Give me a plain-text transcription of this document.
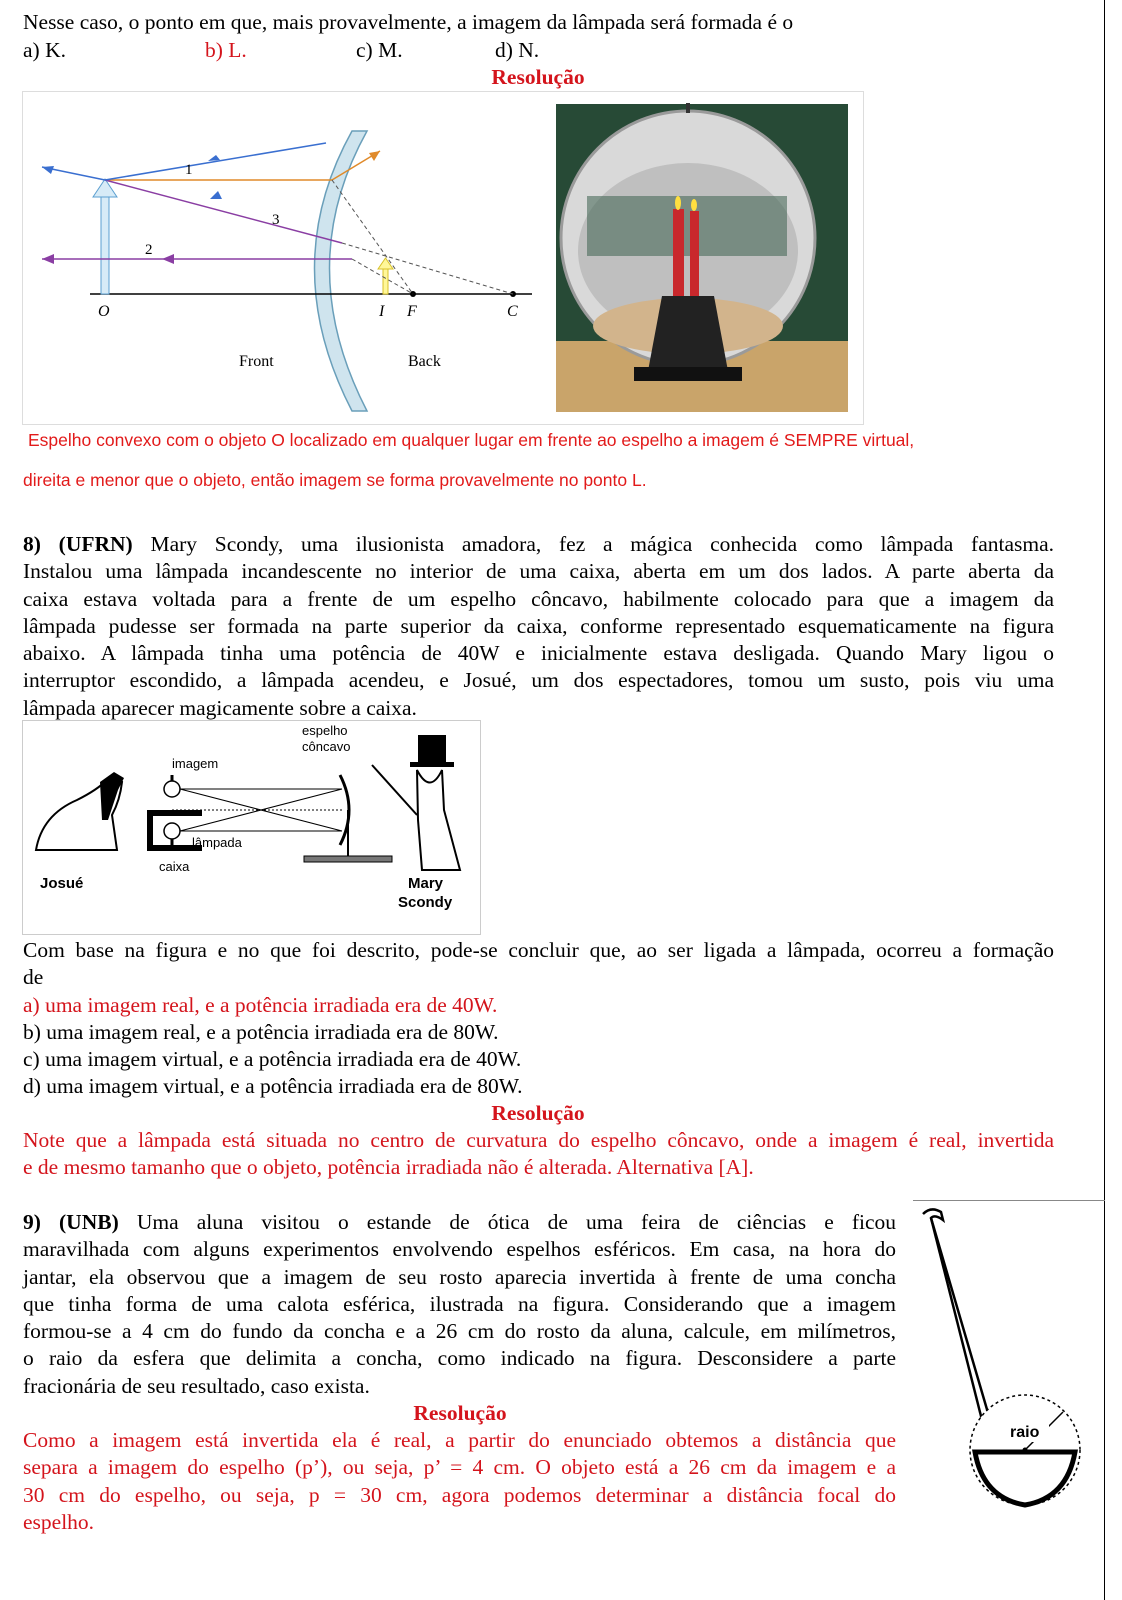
Nesse caso, o ponto em que, mais provavelmente, a imagem da lâmpada será formada é o

a) K.	b) L.	c) M.	d) N.
Resolução
1
2
3
O	I F	C
Front	Back
Espelho convexo com o objeto O localizado em qualquer lugar em frente ao espelho a imagem é SEMPRE virtual,
direita e menor que o objeto, então imagem se forma provavelmente no ponto L.

8) (UFRN) Mary Scondy, uma ilusionista amadora, fez a mágica conhecida como lâmpada fantasma.

Instalou uma lâmpada incandescente no interior de uma caixa, aberta em um dos lados. A parte aberta da

caixa estava voltada para a frente de um espelho côncavo, habilmente colocado para que a imagem da

lâmpada pudesse ser formada na parte superior da caixa, conforme representado esquematicamente na figura

abaixo. A lâmpada tinha uma potência de 40W e inicialmente estava desligada. Quando Mary ligou o

interruptor escondido, a lâmpada acendeu, e Josué, um dos espectadores, tomou um susto, pois viu uma

lâmpada aparecer magicamente sobre a caixa.

espelho
côncavo
imagem
lâmpada
caixa
Josué	Mary
Scondy

Com base na figura e no que foi descrito, pode-se concluir que, ao ser ligada a lâmpada, ocorreu a formação

de

a) uma imagem real, e a potência irradiada era de 40W.

b) uma imagem real, e a potência irradiada era de 80W.

c) uma imagem virtual, e a potência irradiada era de 40W.

d) uma imagem virtual, e a potência irradiada era de 80W.

Resolução

Note que a lâmpada está situada no centro de curvatura do espelho côncavo, onde a imagem é real, invertida

e de mesmo tamanho que o objeto, potência irradiada não é alterada. Alternativa [A].

9) (UNB) Uma aluna visitou o estande de ótica de uma feira de ciências e ficou

maravilhada com alguns experimentos envolvendo espelhos esféricos. Em casa, na hora do

jantar, ela observou que a imagem de seu rosto aparecia invertida à frente de uma concha

que tinha forma de uma calota esférica, ilustrada na figura. Considerando que a imagem

formou-se a 4 cm do fundo da concha e a 26 cm do rosto da aluna, calcule, em milímetros,

o raio da esfera que delimita a concha, como indicado na figura. Desconsidere a parte

fracionária de seu resultado, caso exista.

Resolução

Como a imagem está invertida ela é real, a partir do enunciado obtemos a distância que

separa a imagem do espelho (p’), ou seja, p’ = 4 cm. O objeto está a 26 cm da imagem e a

30 cm do espelho, ou seja, p = 30 cm, agora podemos determinar a distância focal do

espelho.

raio
